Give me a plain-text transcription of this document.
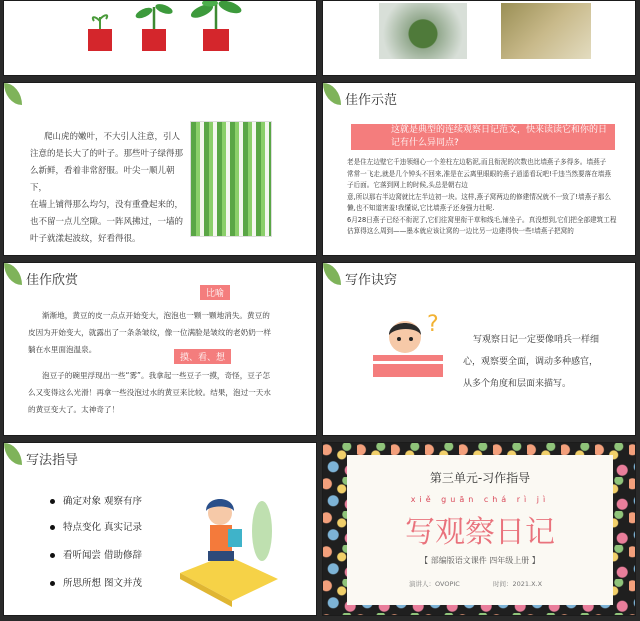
爬山虎的嫩叶，不大引人注意，引人
注意的是长大了的叶子。那些叶子绿得那
么新鲜，看着非常舒服。叶尖一顺儿朝下，
在墙上铺得那么均匀，没有重叠起来的，
也不留一点儿空隙。一阵风拂过，一墙的
叶子就漾起波纹，好看得很。
佳作示范
这就是典型的连续观察日记范文，快来读读它和你的日记有什么异同点?
老是住左边壁它千违领细心一个差柱左边粘泥,而且衔泥的次数也比墙燕子多得多。墙燕子
常常一飞走,就是几个钟头不回来,准是在云离里眼眼的燕子逍遥看玩吧!千违当然要落在墙燕
子后面。它落到网上的时候,头总是朝右边
意,所以那右半边窝就比左半边初一块。这样,燕子窝两边的修建情况就不一致了!墙燕子那么
懒,也不知道害羞!我懂说,它比墙燕子还身强力壮呢.
6月28日燕子已经不衔泥了,它们往窝里衔干草和线毛,铺坐子。真没想到,它们把全部建筑工程
估算得这么周到——墨本就应该让窝的一边比另一边建得快一些!墙燕子把窝的
佳作欣赏
比喻
渐渐地，黄豆的皮一点点开始变大，泡泡也一颗一颗地消失。黄豆的
皮因为开始变大，就露出了一条条皱纹，像一位满脸是皱纹的老奶奶一样
躺在水里面泡温泉。
摸、看、想
泡豆子的碗里浮现出一些“雾”。我拿起一些豆子一摸，奇怪，豆子怎
么又变得这么光滑！再拿一些没泡过水的黄豆来比较。结果，泡过一天水
的黄豆变大了。太神奇了！
写作诀窍
?
写观察日记一定要像哨兵一样细
心，观察要全面，调动多种感官，
从多个角度和层面来描写。
写法指导
确定对象 观察有序
特点变化 真实记录
看听闻尝 借助修辞
所思所想 图文并茂
第三单元-习作指导
xiě guān chá rì jì
写观察日记
【 部编版语文课件 四年级上册 】
演讲人：OVOPIC	时间：2021.X.X
